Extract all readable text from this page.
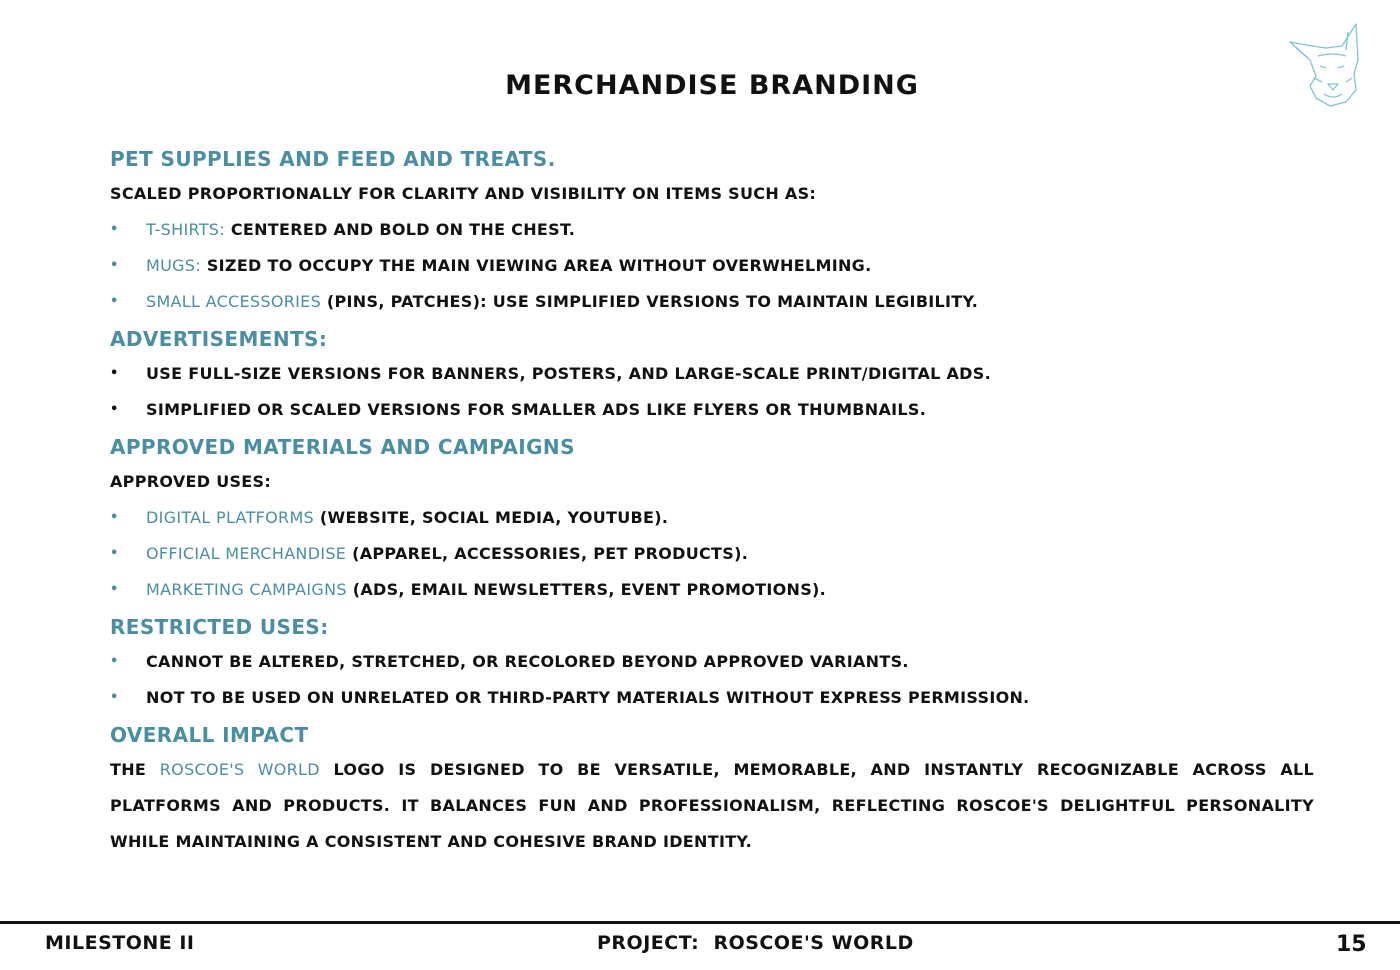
MERCHANDISE BRANDING
PET SUPPLIES AND FEED AND TREATS.
SCALED PROPORTIONALLY FOR CLARITY AND VISIBILITY ON ITEMS SUCH AS:
• T-SHIRTS: CENTERED AND BOLD ON THE CHEST.
• MUGS: SIZED TO OCCUPY THE MAIN VIEWING AREA WITHOUT OVERWHELMING.
• SMALL ACCESSORIES (PINS, PATCHES): USE SIMPLIFIED VERSIONS TO MAINTAIN LEGIBILITY.
ADVERTISEMENTS:
• USE FULL-SIZE VERSIONS FOR BANNERS, POSTERS, AND LARGE-SCALE PRINT/DIGITAL ADS.
• SIMPLIFIED OR SCALED VERSIONS FOR SMALLER ADS LIKE FLYERS OR THUMBNAILS.
APPROVED MATERIALS AND CAMPAIGNS
APPROVED USES:
• DIGITAL PLATFORMS (WEBSITE, SOCIAL MEDIA, YOUTUBE).
• OFFICIAL MERCHANDISE (APPAREL, ACCESSORIES, PET PRODUCTS).
• MARKETING CAMPAIGNS (ADS, EMAIL NEWSLETTERS, EVENT PROMOTIONS).
RESTRICTED USES:
• CANNOT BE ALTERED, STRETCHED, OR RECOLORED BEYOND APPROVED VARIANTS.
• NOT TO BE USED ON UNRELATED OR THIRD-PARTY MATERIALS WITHOUT EXPRESS PERMISSION.
OVERALL IMPACT
THE ROSCOE'S WORLD LOGO IS DESIGNED TO BE VERSATILE, MEMORABLE, AND INSTANTLY RECOGNIZABLE ACROSS ALL PLATFORMS AND PRODUCTS. IT BALANCES FUN AND PROFESSIONALISM, REFLECTING ROSCOE'S DELIGHTFUL PERSONALITY WHILE MAINTAINING A CONSISTENT AND COHESIVE BRAND IDENTITY.
MILESTONE II	PROJECT:  ROSCOE'S WORLD	15
